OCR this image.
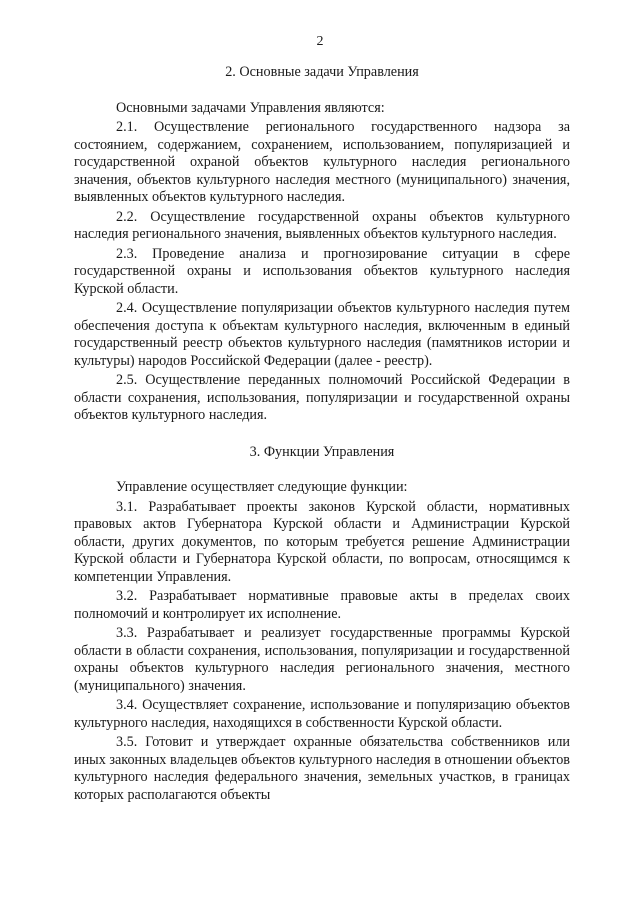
2
2. Основные задачи Управления

Основными задачами Управления являются:

2.1. Осуществление регионального государственного надзора за состоянием, содержанием, сохранением, использованием, популяризацией и государственной охраной объектов культурного наследия регионального значения, объектов культурного наследия местного (муниципального) значения, выявленных объектов культурного наследия.

2.2. Осуществление государственной охраны объектов культурного наследия регионального значения, выявленных объектов культурного наследия.

2.3. Проведение анализа и прогнозирование ситуации в сфере государственной охраны и использования объектов культурного наследия Курской области.

2.4. Осуществление популяризации объектов культурного наследия путем обеспечения доступа к объектам культурного наследия, включенным в единый государственный реестр объектов культурного наследия (памятников истории и культуры) народов Российской Федерации (далее - реестр).

2.5. Осуществление переданных полномочий Российской Федерации в области сохранения, использования, популяризации и государственной охраны объектов культурного наследия.

3. Функции Управления

Управление осуществляет следующие функции:

3.1. Разрабатывает проекты законов Курской области, нормативных правовых актов Губернатора Курской области и Администрации Курской области, других документов, по которым требуется решение Администрации Курской области и Губернатора Курской области, по вопросам, относящимся к компетенции Управления.

3.2. Разрабатывает нормативные правовые акты в пределах своих полномочий и контролирует их исполнение.

3.3. Разрабатывает и реализует государственные программы Курской области в области сохранения, использования, популяризации и государственной охраны объектов культурного наследия регионального значения, местного (муниципального) значения.

3.4. Осуществляет сохранение, использование и популяризацию объектов культурного наследия, находящихся в собственности Курской области.

3.5. Готовит и утверждает охранные обязательства собственников или иных законных владельцев объектов культурного наследия в отношении объектов культурного наследия федерального значения, земельных участков, в границах которых располагаются объекты
